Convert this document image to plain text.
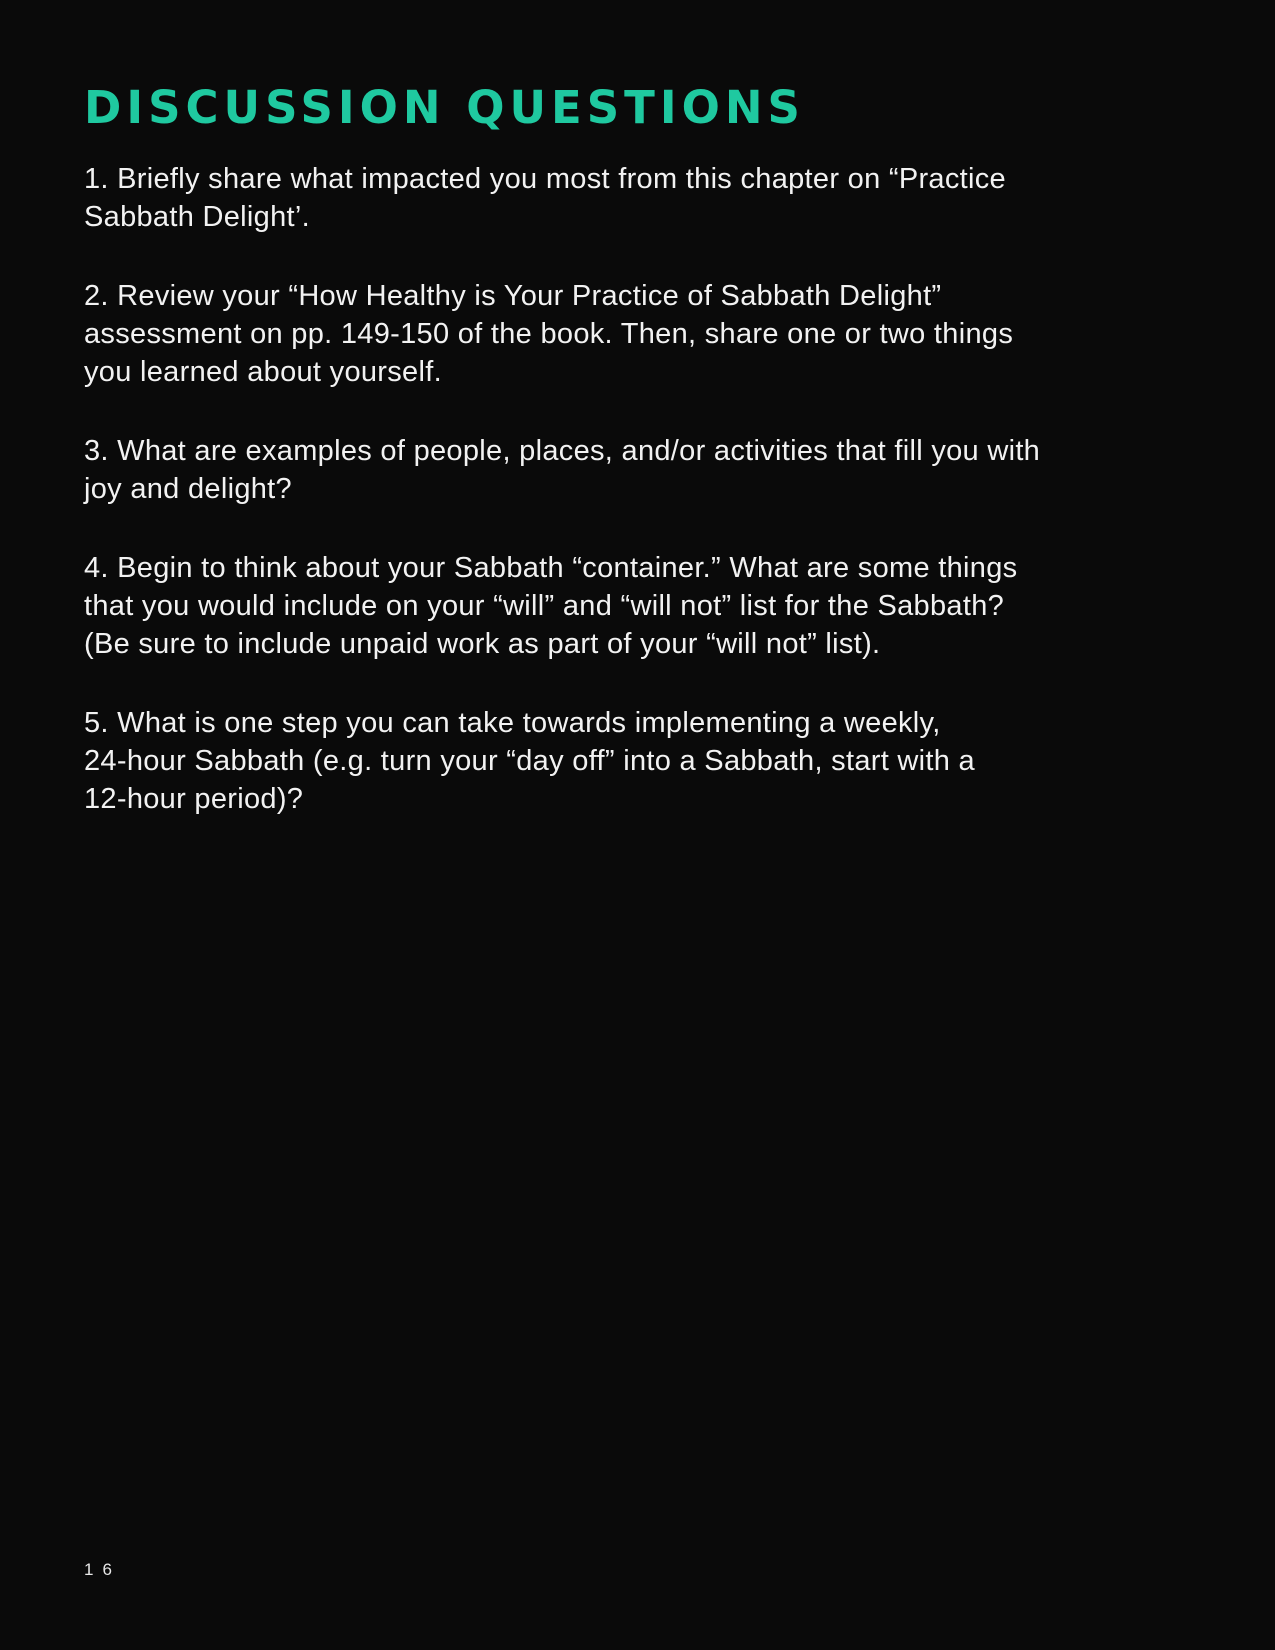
DISCUSSION QUESTIONS
1. Briefly share what impacted you most from this chapter on “Practice
Sabbath Delight’.
2. Review your “How Healthy is Your Practice of Sabbath Delight”
assessment on pp. 149-150 of the book. Then, share one or two things
you learned about yourself.
3. What are examples of people, places, and/or activities that fill you with
joy and delight?
4. Begin to think about your Sabbath “container.” What are some things
that you would include on your “will” and “will not” list for the Sabbath?
(Be sure to include unpaid work as part of your “will not” list).
5. What is one step you can take towards implementing a weekly,
24-hour Sabbath (e.g. turn your “day off” into a Sabbath, start with a
12-hour period)?
16
